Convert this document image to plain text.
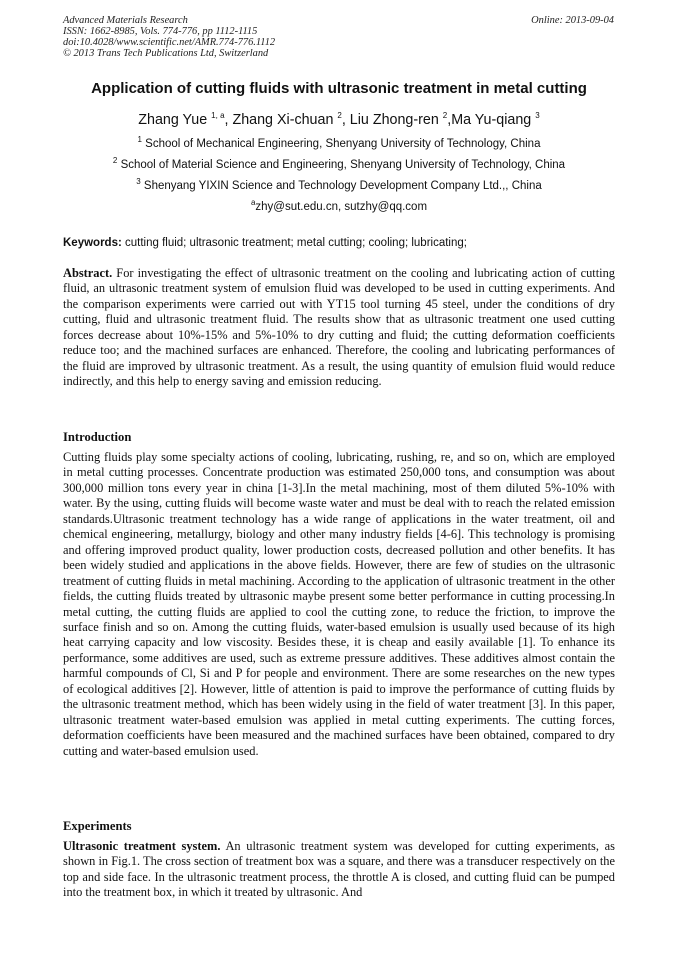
Advanced Materials Research
ISSN: 1662-8985, Vols. 774-776, pp 1112-1115
doi:10.4028/www.scientific.net/AMR.774-776.1112
© 2013 Trans Tech Publications Ltd, Switzerland
Online: 2013-09-04
Application of cutting fluids with ultrasonic treatment in metal cutting
Zhang Yue $^{1, a}$, Zhang Xi-chuan $^2$, Liu Zhong-ren $^2$,Ma Yu-qiang $^3$
$^1$ School of Mechanical Engineering, Shenyang University of Technology, China
$^2$ School of Material Science and Engineering, Shenyang University of Technology, China
$^3$ Shenyang YIXIN Science and Technology Development Company Ltd.,, China
$^a$zhy@sut.edu.cn, sutzhy@qq.com
Keywords: cutting fluid; ultrasonic treatment; metal cutting; cooling; lubricating;

Abstract. For investigating the effect of ultrasonic treatment on the cooling and lubricating action of cutting fluid, an ultrasonic treatment system of emulsion fluid was developed to be used in cutting experiments. And the comparison experiments were carried out with YT15 tool turning 45 steel, under the conditions of dry cutting, fluid and ultrasonic treatment fluid. The results show that as ultrasonic treatment one used cutting forces decrease about 10%-15% and 5%-10% to dry cutting and fluid; the cutting deformation coefficients reduce too; and the machined surfaces are enhanced. Therefore, the cooling and lubricating performances of the fluid are improved by ultrasonic treatment. As a result, the using quantity of emulsion fluid would reduce indirectly, and this help to energy saving and emission reducing.

Introduction

Cutting fluids play some specialty actions of cooling, lubricating, rushing, re, and so on, which are employed in metal cutting processes. Concentrate production was estimated 250,000 tons, and consumption was about 300,000 million tons every year in china [1-3].In the metal machining, most of them diluted 5%-10% with water. By the using, cutting fluids will become waste water and must be deal with to reach the related emission standards.Ultrasonic treatment technology has a wide range of applications in the water treatment, oil and chemical engineering, metallurgy, biology and other many industry fields [4-6]. This technology is promising and offering improved product quality, lower production costs, decreased pollution and other benefits. It has been widely studied and applications in the above fields. However, there are few of studies on the ultrasonic treatment of cutting fluids in metal machining. According to the application of ultrasonic treatment in the other fields, the cutting fluids treated by ultrasonic maybe present some better performance in cutting processing.In metal cutting, the cutting fluids are applied to cool the cutting zone, to reduce the friction, to improve the surface finish and so on. Among the cutting fluids, water-based emulsion is usually used because of its high heat carrying capacity and low viscosity. Besides these, it is cheap and easily available [1]. To enhance its performance, some additives are used, such as extreme pressure additives. These additives almost contain the harmful compounds of Cl, Si and P for people and environment. There are some researches on the new types of ecological additives [2]. However, little of attention is paid to improve the performance of cutting fluids by the ultrasonic treatment method, which has been widely using in the field of water treatment [3]. In this paper, ultrasonic treatment water-based emulsion was applied in metal cutting experiments. The cutting forces, deformation coefficients have been measured and the machined surfaces have been obtained, compared to dry cutting and water-based emulsion used.

Experiments

Ultrasonic treatment system. An ultrasonic treatment system was developed for cutting experiments, as shown in Fig.1. The cross section of treatment box was a square, and there was a transducer respectively on the top and side face. In the ultrasonic treatment process, the throttle A is closed, and cutting fluid can be pumped into the treatment box, in which it treated by ultrasonic. And
